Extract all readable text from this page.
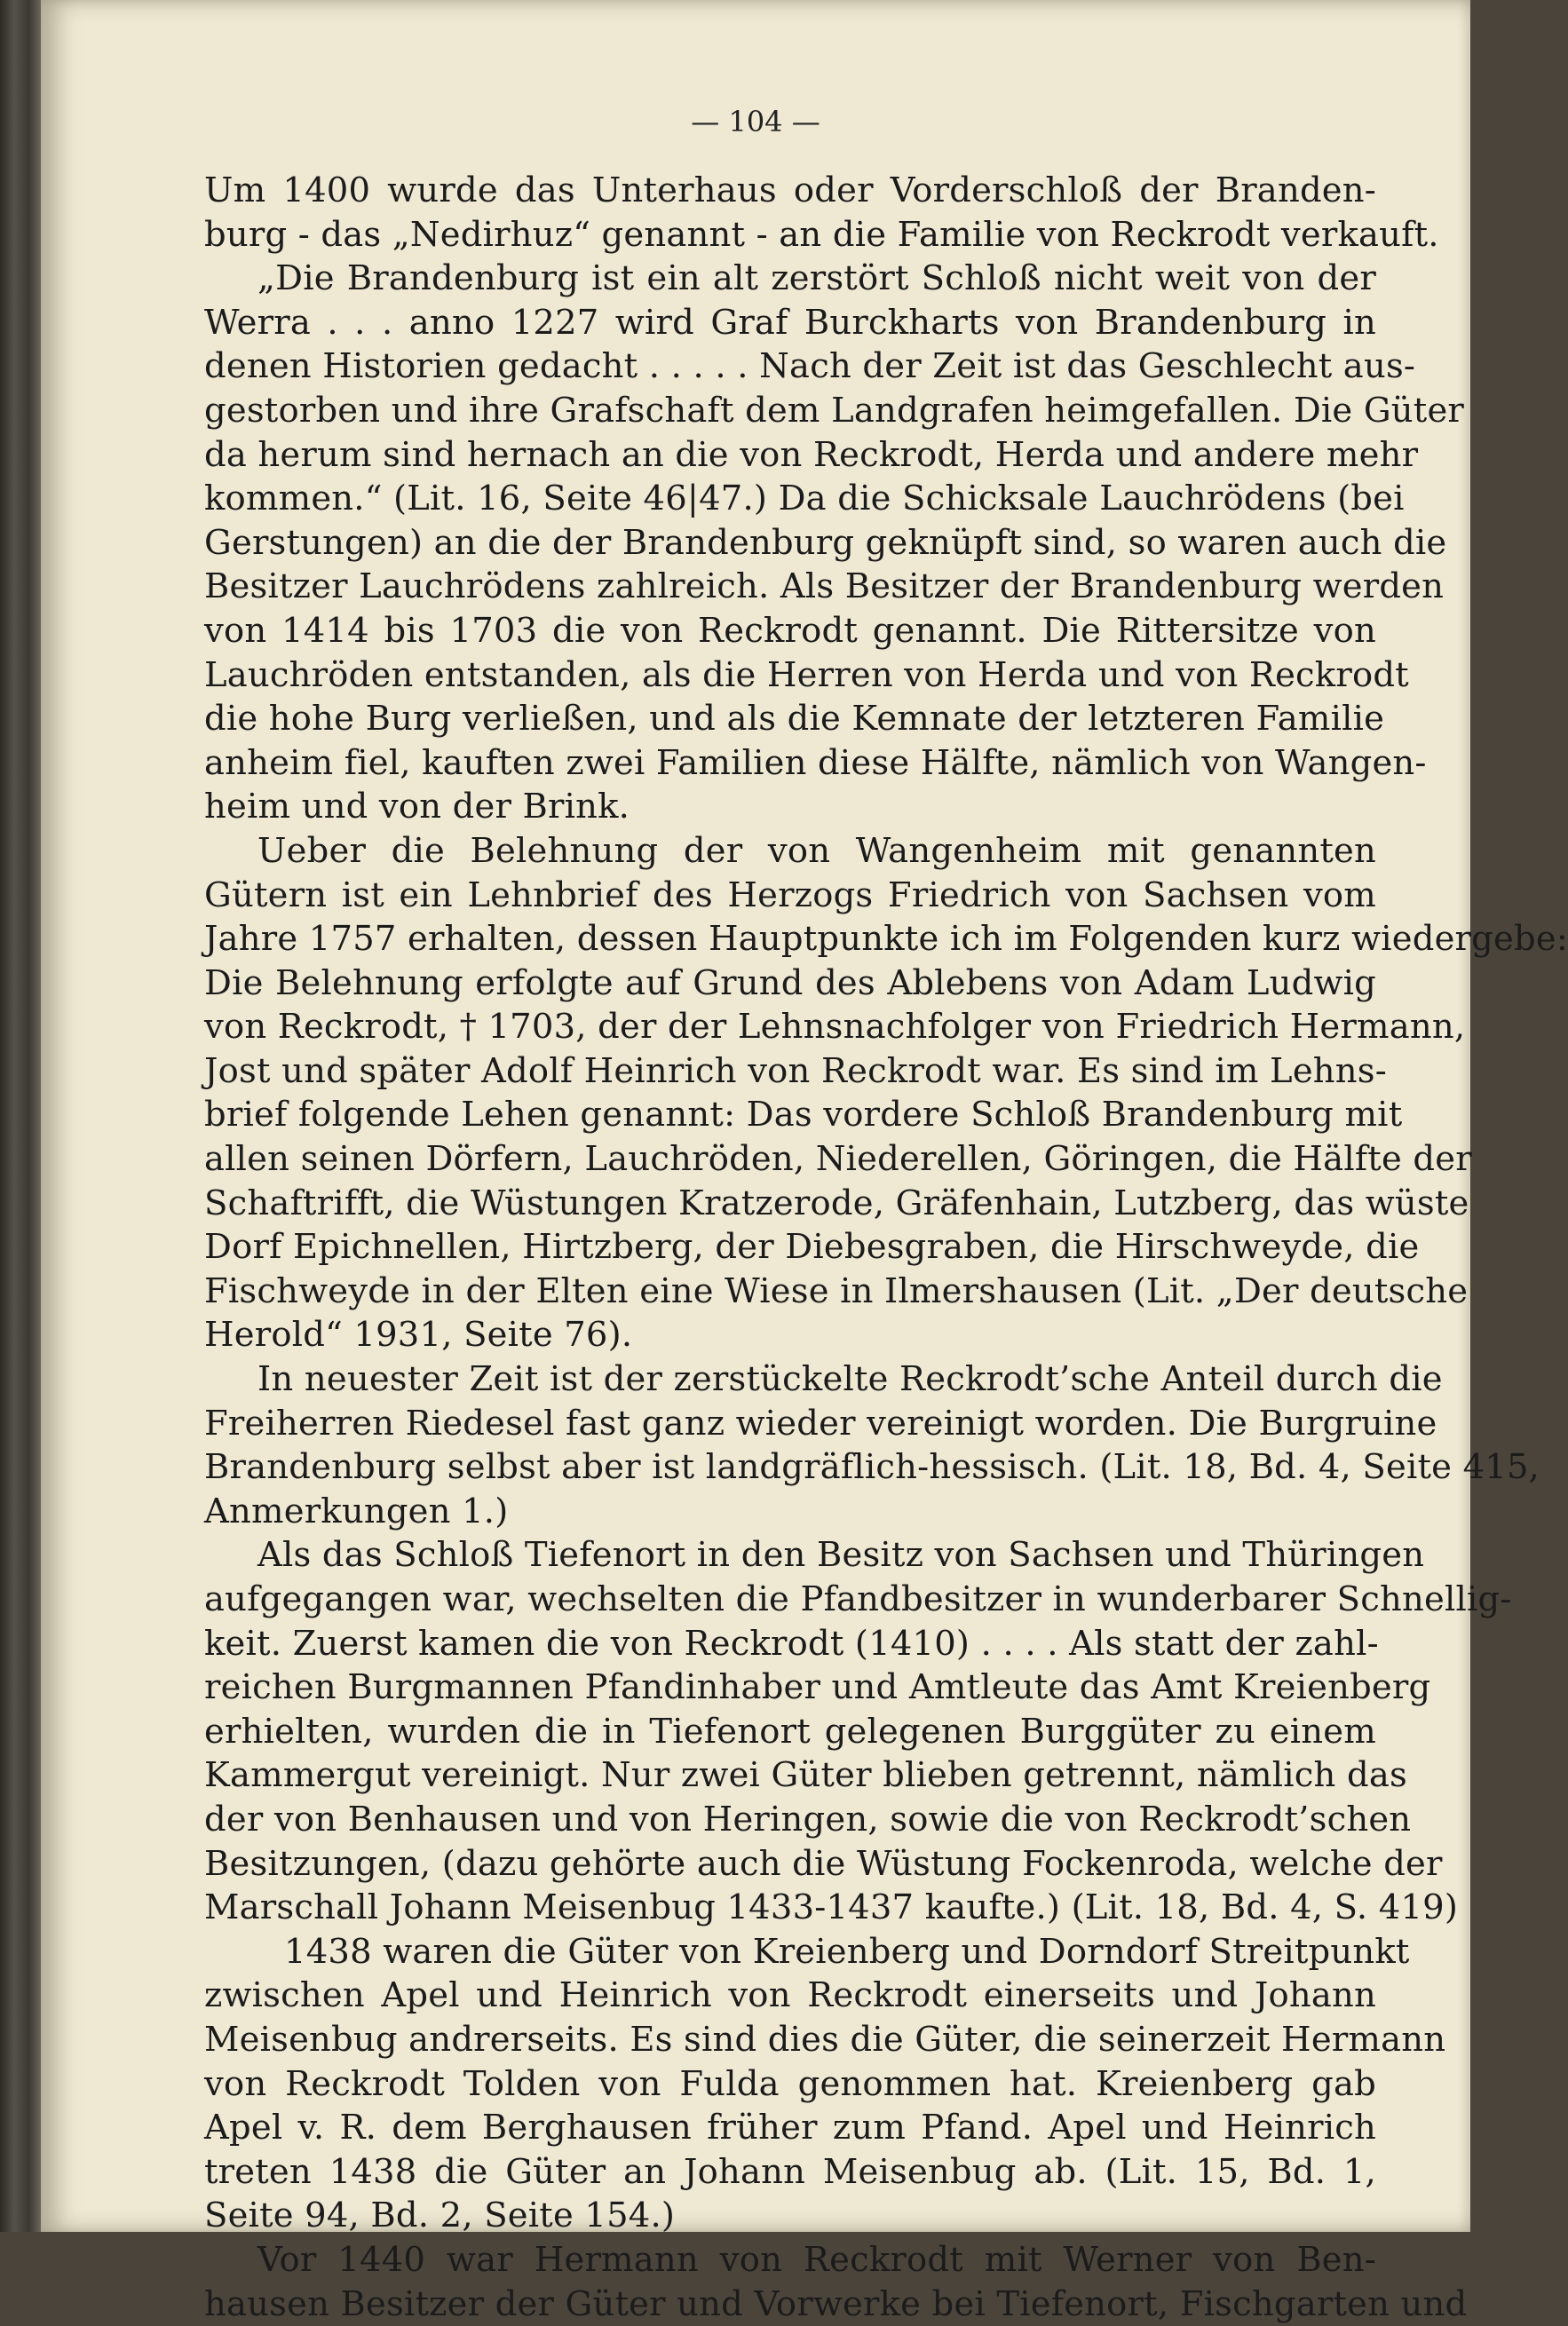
— 104 —
Um 1400 wurde das Unterhaus oder Vorderschloß der Branden-
burg - das „Nedirhuz“ genannt - an die Familie von Reckrodt verkauft.
„Die Brandenburg ist ein alt zerstört Schloß nicht weit von der
Werra . . . anno 1227 wird Graf Burckharts von Brandenburg in
denen Historien gedacht . . . . . Nach der Zeit ist das Geschlecht aus-
gestorben und ihre Grafschaft dem Landgrafen heimgefallen. Die Güter
da herum sind hernach an die von Reckrodt, Herda und andere mehr
kommen.“ (Lit. 16, Seite 46|47.) Da die Schicksale Lauchrödens (bei
Gerstungen) an die der Brandenburg geknüpft sind, so waren auch die
Besitzer Lauchrödens zahlreich. Als Besitzer der Brandenburg werden
von 1414 bis 1703 die von Reckrodt genannt. Die Rittersitze von
Lauchröden entstanden, als die Herren von Herda und von Reckrodt
die hohe Burg verließen, und als die Kemnate der letzteren Familie
anheim fiel, kauften zwei Familien diese Hälfte, nämlich von Wangen-
heim und von der Brink.
Ueber die Belehnung der von Wangenheim mit genannten
Gütern ist ein Lehnbrief des Herzogs Friedrich von Sachsen vom
Jahre 1757 erhalten, dessen Hauptpunkte ich im Folgenden kurz wiedergebe:
Die Belehnung erfolgte auf Grund des Ablebens von Adam Ludwig
von Reckrodt, † 1703, der der Lehnsnachfolger von Friedrich Hermann,
Jost und später Adolf Heinrich von Reckrodt war. Es sind im Lehns-
brief folgende Lehen genannt: Das vordere Schloß Brandenburg mit
allen seinen Dörfern, Lauchröden, Niederellen, Göringen, die Hälfte der
Schaftrifft, die Wüstungen Kratzerode, Gräfenhain, Lutzberg, das wüste
Dorf Epichnellen, Hirtzberg, der Diebesgraben, die Hirschweyde, die
Fischweyde in der Elten eine Wiese in Ilmershausen (Lit. „Der deutsche
Herold“ 1931, Seite 76).
In neuester Zeit ist der zerstückelte Reckrodt’sche Anteil durch die
Freiherren Riedesel fast ganz wieder vereinigt worden. Die Burgruine
Brandenburg selbst aber ist landgräflich-hessisch. (Lit. 18, Bd. 4, Seite 415,
Anmerkungen 1.)
Als das Schloß Tiefenort in den Besitz von Sachsen und Thüringen
aufgegangen war, wechselten die Pfandbesitzer in wunderbarer Schnellig-
keit. Zuerst kamen die von Reckrodt (1410) . . . . Als statt der zahl-
reichen Burgmannen Pfandinhaber und Amtleute das Amt Kreienberg
erhielten, wurden die in Tiefenort gelegenen Burggüter zu einem
Kammergut vereinigt. Nur zwei Güter blieben getrennt, nämlich das
der von Benhausen und von Heringen, sowie die von Reckrodt’schen
Besitzungen, (dazu gehörte auch die Wüstung Fockenroda, welche der
Marschall Johann Meisenbug 1433-1437 kaufte.) (Lit. 18, Bd. 4, S. 419)
1438 waren die Güter von Kreienberg und Dorndorf Streitpunkt
zwischen Apel und Heinrich von Reckrodt einerseits und Johann
Meisenbug andrerseits. Es sind dies die Güter, die seinerzeit Hermann
von Reckrodt Tolden von Fulda genommen hat. Kreienberg gab
Apel v. R. dem Berghausen früher zum Pfand. Apel und Heinrich
treten 1438 die Güter an Johann Meisenbug ab. (Lit. 15, Bd. 1,
Seite 94, Bd. 2, Seite 154.)
Vor 1440 war Hermann von Reckrodt mit Werner von Ben-
hausen Besitzer der Güter und Vorwerke bei Tiefenort, Fischgarten und
